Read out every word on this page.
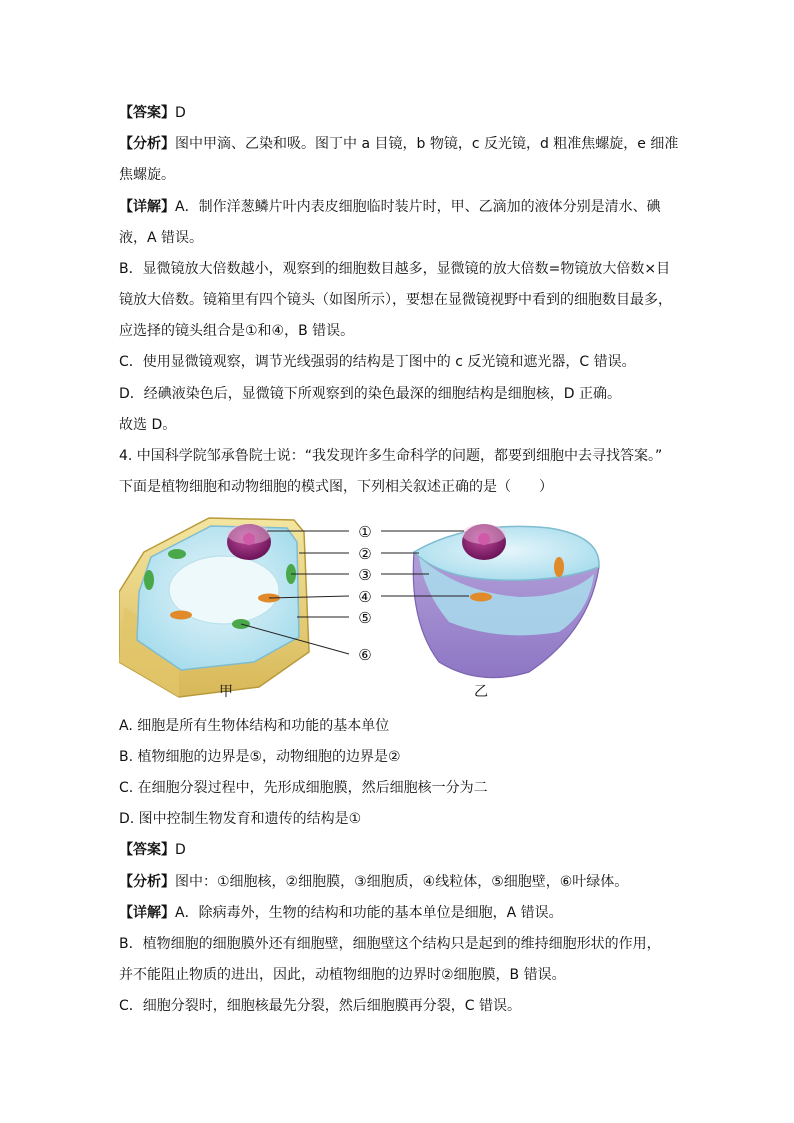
【答案】D
【分析】图中甲滴、乙染和吸。图丁中 a 目镜，b 物镜，c 反光镜，d 粗准焦螺旋，e 细准
焦螺旋。
【详解】A．制作洋葱鳞片叶内表皮细胞临时装片时，甲、乙滴加的液体分别是清水、碘
液，A 错误。
B．显微镜放大倍数越小，观察到的细胞数目越多，显微镜的放大倍数=物镜放大倍数×目
镜放大倍数。镜箱里有四个镜头（如图所示），要想在显微镜视野中看到的细胞数目最多，
应选择的镜头组合是①和④，B 错误。
C．使用显微镜观察，调节光线强弱的结构是丁图中的 c 反光镜和遮光器，C 错误。
D．经碘液染色后，显微镜下所观察到的染色最深的细胞结构是细胞核，D 正确。
故选 D。
4. 中国科学院邹承鲁院士说：“我发现许多生命科学的问题，都要到细胞中去寻找答案。”
下面是植物细胞和动物细胞的模式图，下列相关叙述正确的是（　　）
①
②
③
④
⑤
⑥
甲	乙
A. 细胞是所有生物体结构和功能的基本单位
B. 植物细胞的边界是⑤，动物细胞的边界是②
C. 在细胞分裂过程中，先形成细胞膜，然后细胞核一分为二
D. 图中控制生物发育和遗传的结构是①
【答案】D
【分析】图中：①细胞核，②细胞膜，③细胞质，④线粒体，⑤细胞壁，⑥叶绿体。
【详解】A．除病毒外，生物的结构和功能的基本单位是细胞，A 错误。
B．植物细胞的细胞膜外还有细胞壁，细胞壁这个结构只是起到的维持细胞形状的作用，
并不能阻止物质的进出，因此，动植物细胞的边界时②细胞膜，B 错误。
C．细胞分裂时，细胞核最先分裂，然后细胞膜再分裂，C 错误。
